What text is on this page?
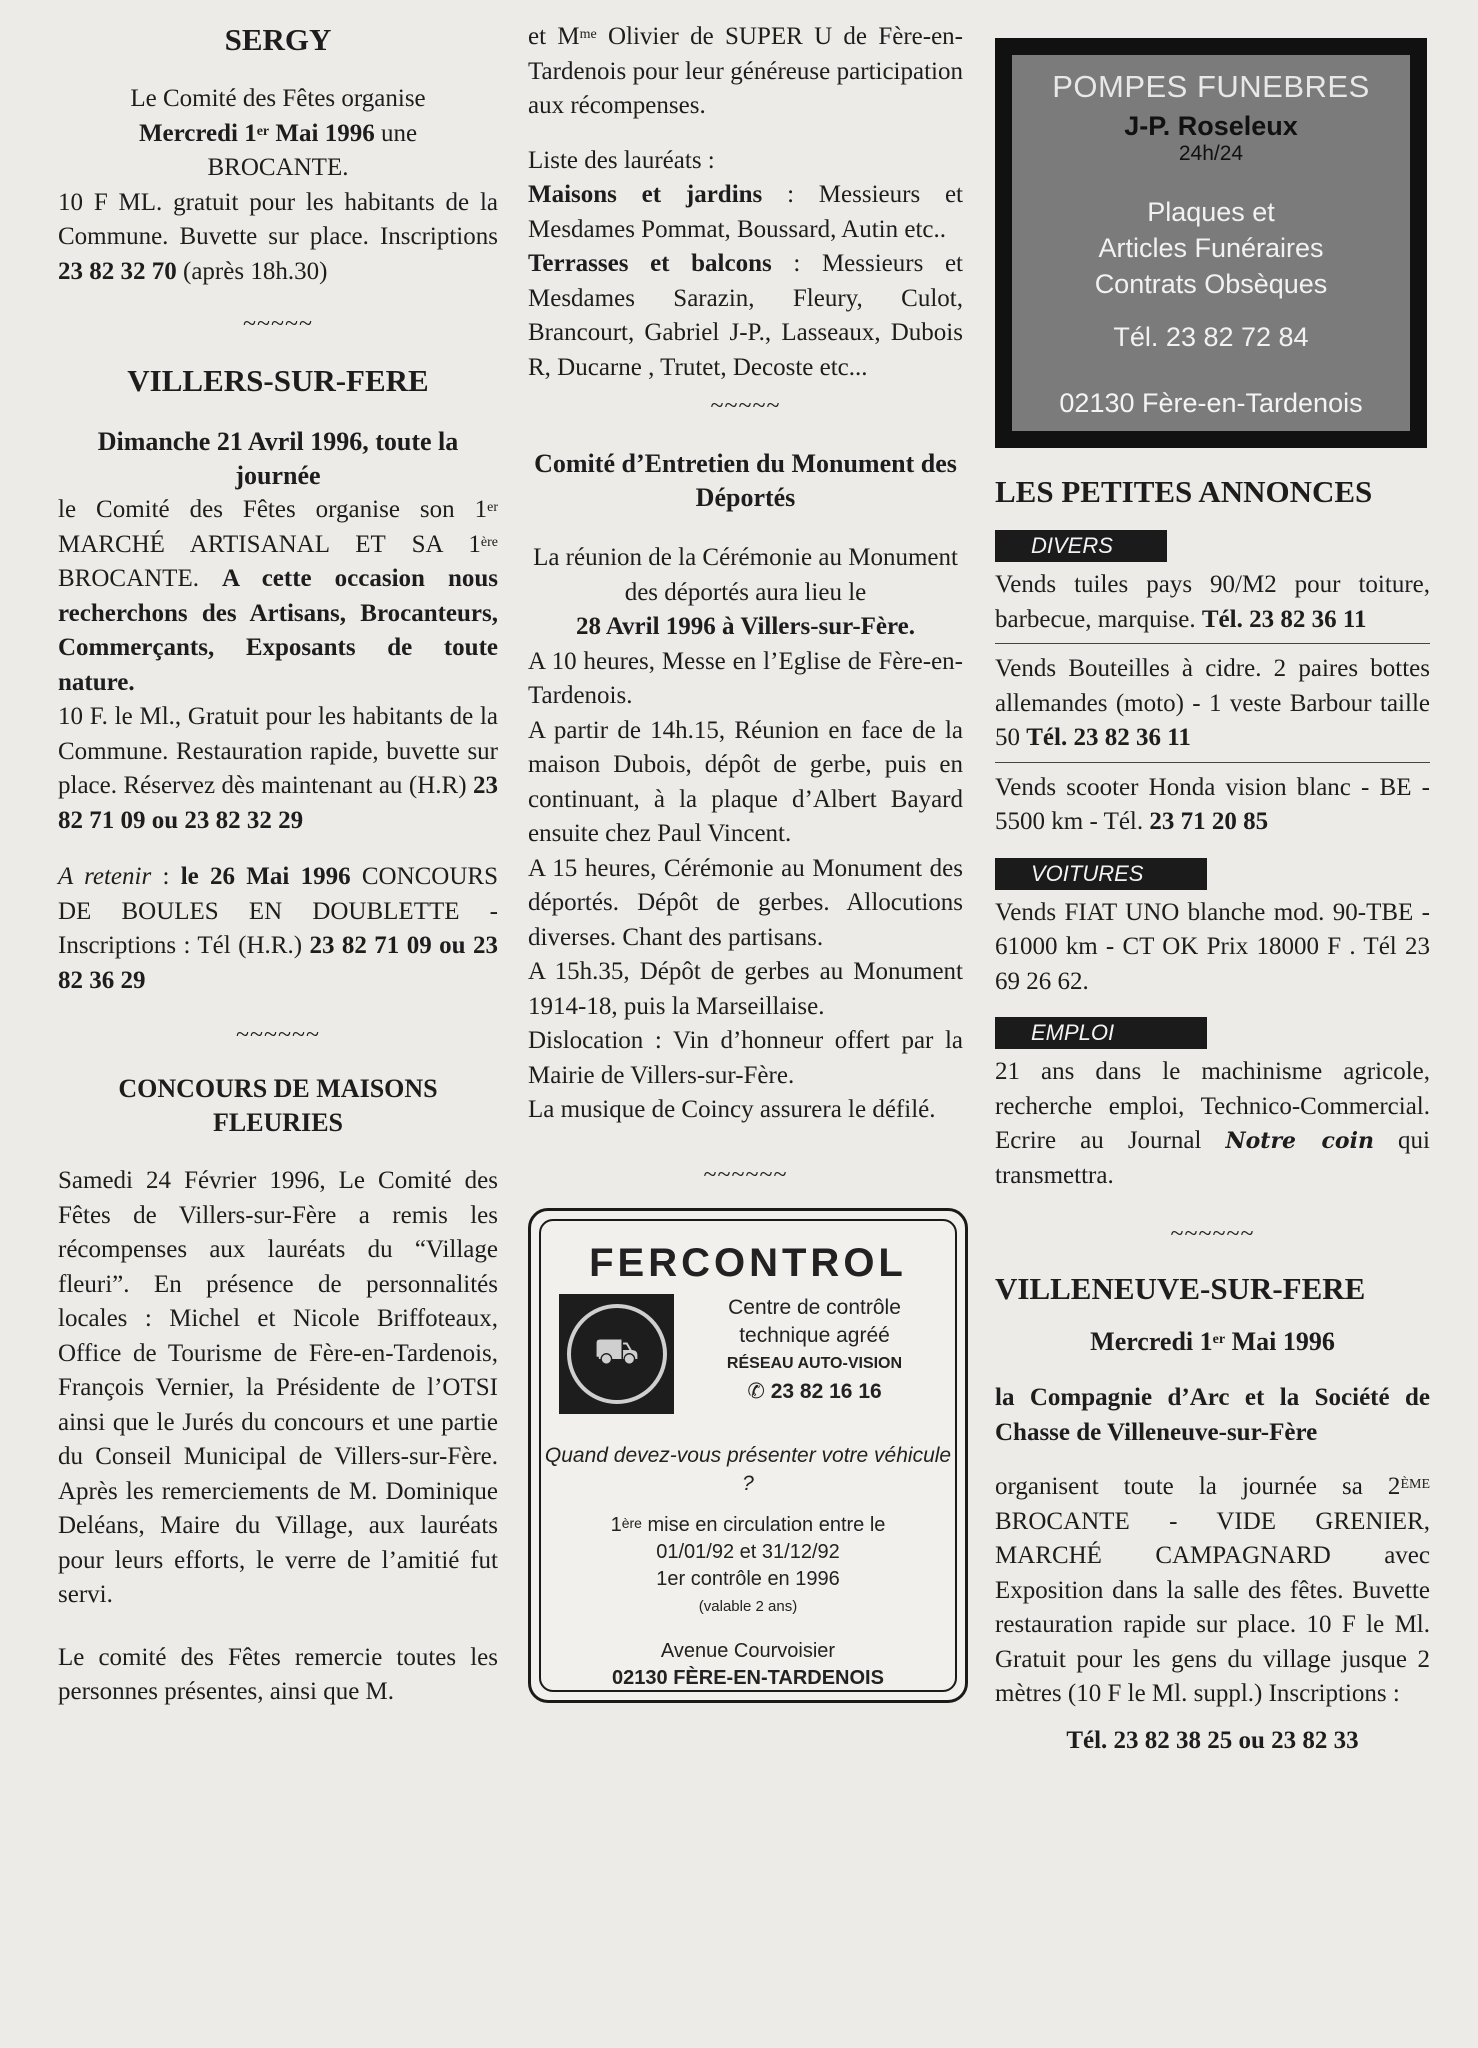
SERGY

Le Comité des Fêtes organise

Mercredi 1er Mai 1996 une

BROCANTE.

10 F ML. gratuit pour les habitants de la Commune. Buvette sur place. Inscriptions 23 82 32 70 (après 18h.30)

~~~~~

VILLERS-SUR-FERE
Dimanche 21 Avril 1996, toute la journée

le Comité des Fêtes organise son 1er MARCHÉ ARTISANAL ET SA 1ère BROCANTE. A cette occasion nous recherchons des Artisans, Brocanteurs, Commerçants, Exposants de toute nature.

10 F. le Ml., Gratuit pour les habitants de la Commune. Restauration rapide, buvette sur place. Réservez dès maintenant au (H.R) 23 82 71 09 ou 23 82 32 29

A retenir : le 26 Mai 1996 CONCOURS DE BOULES EN DOUBLETTE - Inscriptions : Tél (H.R.) 23 82 71 09 ou 23 82 36 29

~~~~~~

CONCOURS DE MAISONS FLEURIES

Samedi 24 Février 1996, Le Comité des Fêtes de Villers-sur-Fère a remis les récompenses aux lauréats du “Village fleuri”. En présence de personnalités locales : Michel et Nicole Briffoteaux, Office de Tourisme de Fère-en-Tardenois, François Vernier, la Présidente de l’OTSI ainsi que le Jurés du concours et une partie du Conseil Municipal de Villers-sur-Fère. Après les remerciements de M. Dominique Deléans, Maire du Village, aux lauréats pour leurs efforts, le verre de l’amitié fut servi.

Le comité des Fêtes remercie toutes les personnes présentes, ainsi que M.

et $M^{me}$ Olivier de SUPER U de Fère-en-Tardenois pour leur généreuse participation aux récompenses.

Liste des lauréats :

Maisons et jardins : Messieurs et Mesdames Pommat, Boussard, Autin etc..

Terrasses et balcons : Messieurs et Mesdames Sarazin, Fleury, Culot, Brancourt, Gabriel J-P., Lasseaux, Dubois R, Ducarne , Trutet, Decoste etc...

~~~~~

Comité d’Entretien du Monument des Déportés

La réunion de la Cérémonie au Monument des déportés aura lieu le

28 Avril 1996 à Villers-sur-Fère.

A 10 heures, Messe en l’Eglise de Fère-en-Tardenois.

A partir de 14h.15, Réunion en face de la maison Dubois, dépôt de gerbe, puis en continuant, à la plaque d’Albert Bayard ensuite chez Paul Vincent.

A 15 heures, Cérémonie au Monument des déportés. Dépôt de gerbes. Allocutions diverses. Chant des partisans.

A 15h.35, Dépôt de gerbes au Monument 1914-18, puis la Marseillaise.

Dislocation : Vin d’honneur offert par la Mairie de Villers-sur-Fère.

La musique de Coincy assurera le défilé.

~~~~~~

FERCONTROL
⛟
Centre de contrôle
technique agréé
RÉSEAU AUTO-VISION
✆ 23 82 16 16
Quand devez-vous présenter votre véhicule ?
1ère mise en circulation entre le
01/01/92 et 31/12/92
1er contrôle en 1996
(valable 2 ans)
Avenue Courvoisier
02130 FÈRE-EN-TARDENOIS
POMPES FUNEBRES
J-P. Roseleux
24h/24
Plaques et
Articles Funéraires
Contrats Obsèques
Tél. 23 82 72 84
02130 Fère-en-Tardenois
LES PETITES ANNONCES
DIVERS

Vends tuiles pays 90/M2 pour toiture, barbecue, marquise. Tél. 23 82 36 11

Vends Bouteilles à cidre. 2 paires bottes allemandes (moto) - 1 veste Barbour taille 50 Tél. 23 82 36 11

Vends scooter Honda vision blanc - BE - 5500 km - Tél. 23 71 20 85

VOITURES

Vends FIAT UNO blanche mod. 90-TBE - 61000 km - CT OK Prix 18000 F . Tél 23 69 26 62.

EMPLOI

21 ans dans le machinisme agricole, recherche emploi, Technico-Commercial. Ecrire au Journal Notre coin qui transmettra.

~~~~~~

VILLENEUVE-SUR-FERE
Mercredi 1er Mai 1996

la Compagnie d’Arc et la Société de Chasse de Villeneuve-sur-Fère

organisent toute la journée sa 2ÈME BROCANTE - VIDE GRENIER, MARCHÉ CAMPAGNARD avec Exposition dans la salle des fêtes. Buvette restauration rapide sur place. 10 F le Ml. Gratuit pour les gens du village jusque 2 mètres (10 F le Ml. suppl.) Inscriptions :

Tél. 23 82 38 25 ou 23 82 33
